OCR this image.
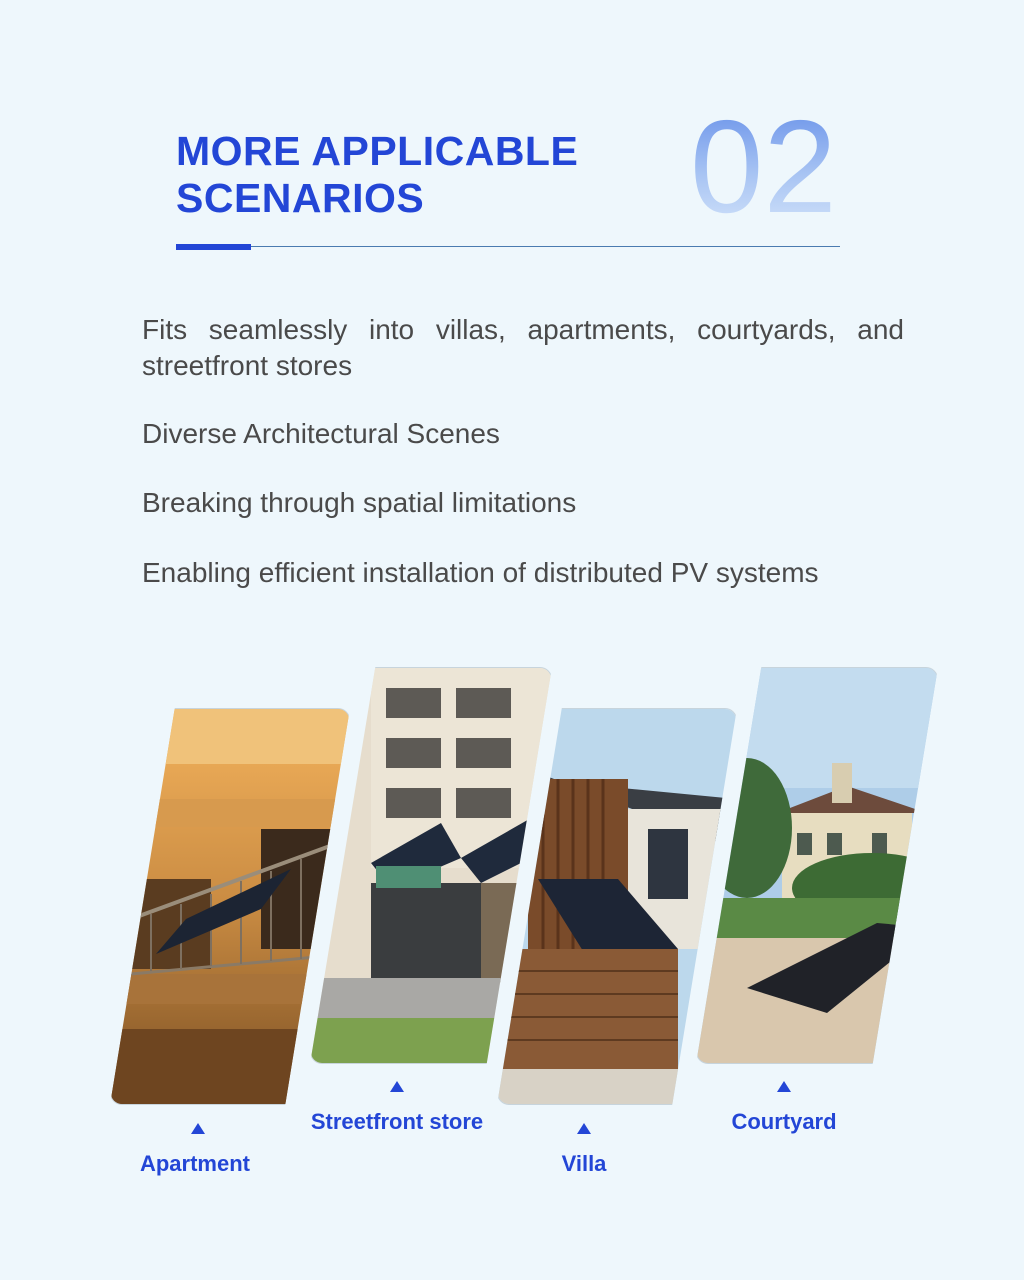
MORE APPLICABLE
SCENARIOS	02

Fits seamlessly into villas, apartments, courtyards, and streetfront stores

Diverse Architectural Scenes

Breaking through spatial limitations

Enabling efficient installation of distributed PV systems

Apartment
Streetfront store
Villa
Courtyard
